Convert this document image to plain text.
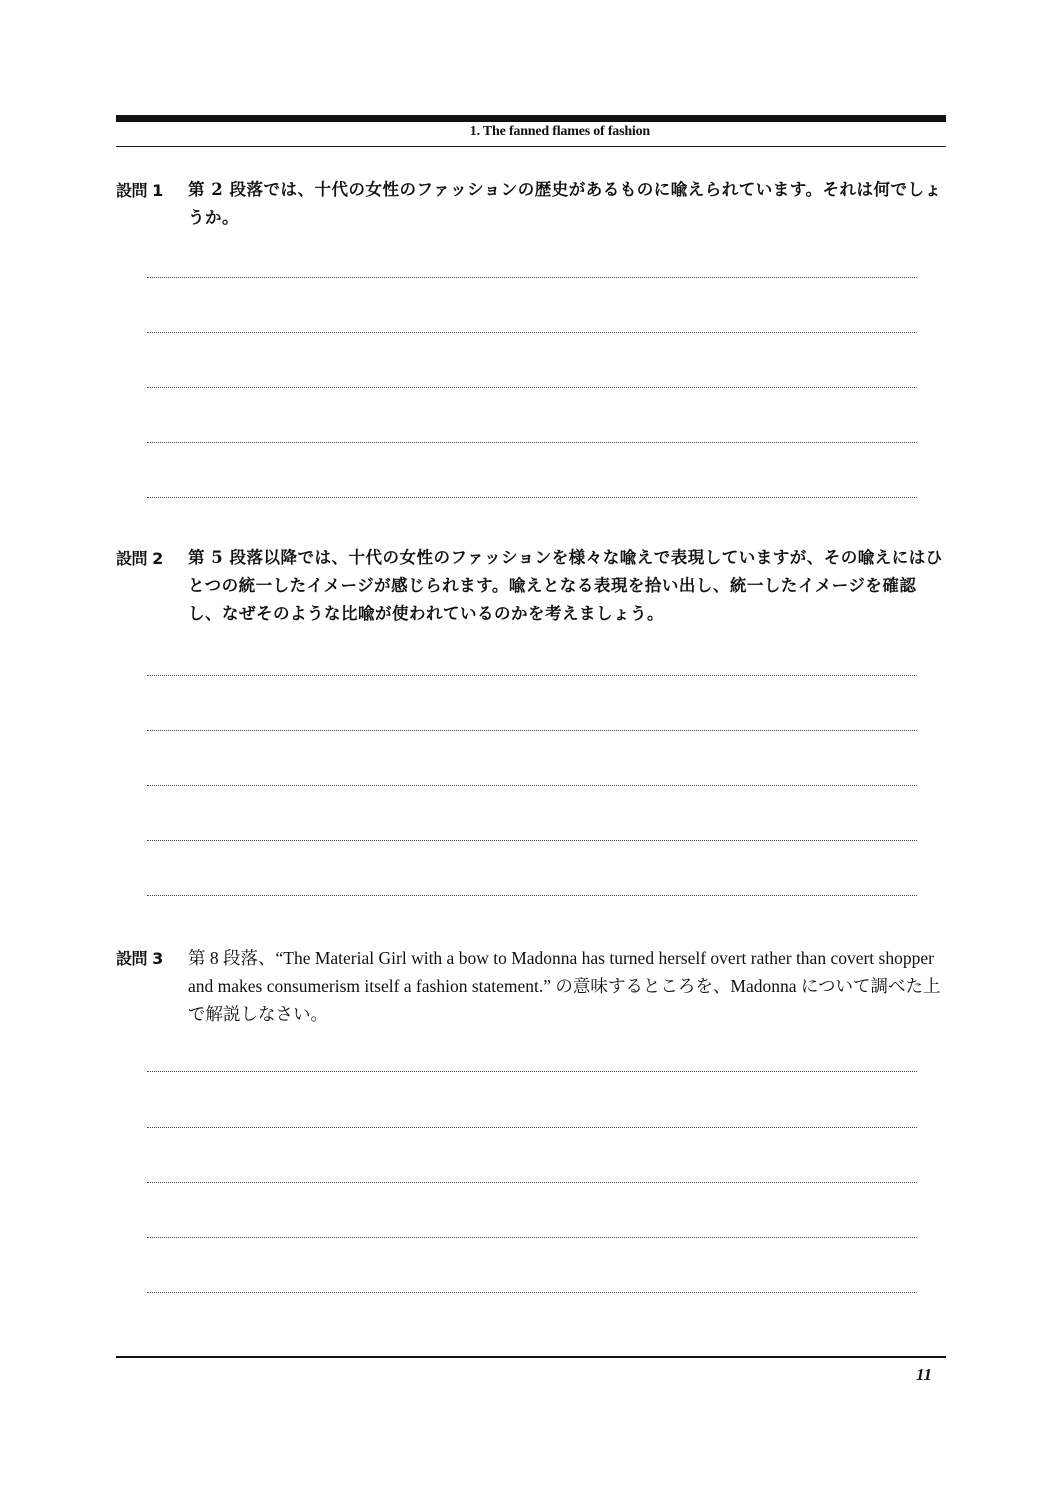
1. The fanned flames of fashion
設問 1 第 2 段落では、十代の女性のファッションの歴史があるものに喩えられています。それは何でしょうか。
設問 2 第 5 段落以降では、十代の女性のファッションを様々な喩えで表現していますが、その喩えにはひとつの統一したイメージが感じられます。喩えとなる表現を拾い出し、統一したイメージを確認し、なぜそのような比喩が使われているのかを考えましょう。
設問 3 第 8 段落、“The Material Girl with a bow to Madonna has turned herself overt rather than covert shopper and makes consumerism itself a fashion statement.” の意味するところを、Madonna について調べた上で解説しなさい。
11
